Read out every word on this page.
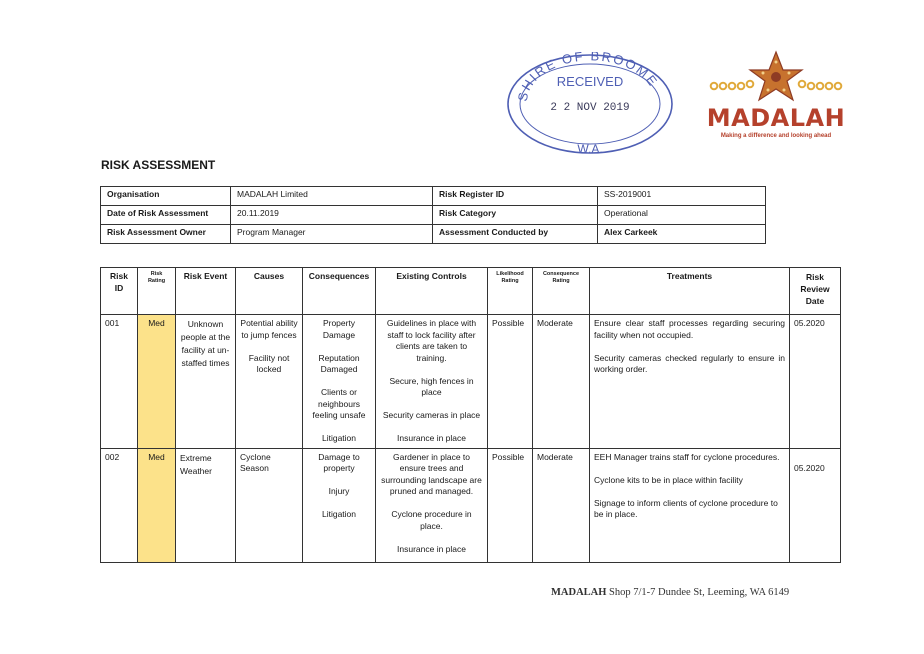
SHIRE OF BROOME
RECEIVED
2 2 NOV 2019
W.A.
MADALAH
Making a difference and looking ahead
RISK ASSESSMENT
Organisation	MADALAH Limited	Risk Register ID	SS-2019001
Date of Risk Assessment	20.11.2019	Risk Category	Operational
Risk Assessment Owner	Program Manager	Assessment Conducted by	Alex Carkeek
Risk ID	Risk Rating	Risk Event	Causes	Consequences	Existing Controls	Likelihood Rating	Consequence Rating	Treatments	Risk Review Date
001	Med	Unknown people at the facility at un-staffed times	Potential ability to jump fences
Facility not locked	Property Damage
Reputation Damaged
Clients or neighbours feeling unsafe
Litigation	Guidelines in place with staff to lock facility after clients are taken to training.
Secure, high fences in place
Security cameras in place
Insurance in place	Possible	Moderate	Ensure clear staff processes regarding securing facility when not occupied.
Security cameras checked regularly to ensure in working order.	05.2020
002	Med	Extreme Weather	Cyclone Season	Damage to property
Injury
Litigation	Gardener in place to ensure trees and surrounding landscape are pruned and managed.
Cyclone procedure in place.
Insurance in place	Possible	Moderate	EEH Manager trains staff for cyclone procedures.
Cyclone kits to be in place within facility
Signage to inform clients of cyclone procedure to be in place.	05.2020
MADALAH Shop 7/1-7 Dundee St, Leeming, WA 6149
